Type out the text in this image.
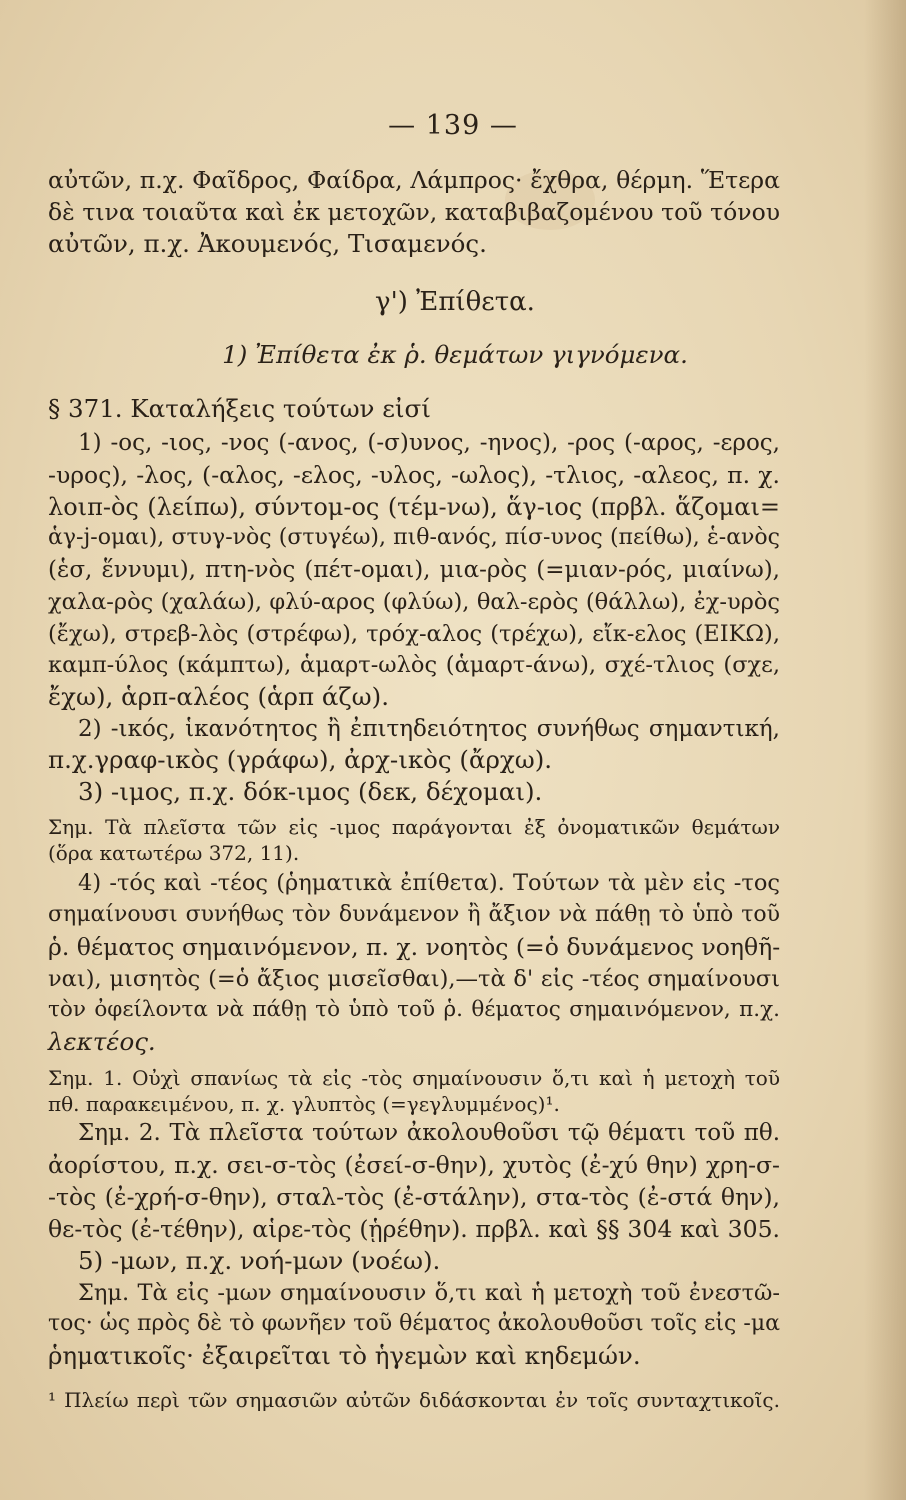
— 139 —
αὐτῶν, π.χ. Φαῖδρος, Φαίδρα, Λάμπρος· ἔχθρα, θέρμη. Ἕτερα
δὲ τινα τοιαῦτα καὶ ἐκ μετοχῶν, καταβιβαζομένου τοῦ τόνου
αὐτῶν, π.χ. Ἀκουμενός, Τισαμενός.
γ') Ἐπίθετα.
1) Ἐπίθετα ἐκ ῥ. θεμάτων γιγνόμενα.
§ 371. Καταλήξεις τούτων εἰσί
1) -ος, -ιος, -νος (-ανος, (-σ)υνος, -ηνος), -ρος (-αρος, -ερος,
-υρος), -λος, (-αλος, -ελος, -υλος, -ωλος), -τλιος, -αλεος, π. χ.
λοιπ-ὸς (λείπω), σύντομ-ος (τέμ-νω), ἅγ-ιος (πρβλ. ἅζομαι=
ἁγ-j-ομαι), στυγ-νὸς (στυγέω), πιθ-ανός, πίσ-υνος (πείθω), ἑ-ανὸς
(ἑσ, ἕννυμι), πτη-νὸς (πέτ-ομαι), μια-ρὸς (=μιαν-ρός, μιαίνω),
χαλα-ρὸς (χαλάω), φλύ-αρος (φλύω), θαλ-ερὸς (θάλλω), ἐχ-υρὸς
(ἔχω), στρεβ-λὸς (στρέφω), τρόχ-αλος (τρέχω), εἴκ-ελος (ΕΙΚΩ),
καμπ-ύλος (κάμπτω), ἁμαρτ-ωλὸς (ἁμαρτ-άνω), σχέ-τλιος (σχε,
ἔχω), ἁρπ-αλέος (ἁρπ άζω).
2) -ικός, ἱκανότητος ἢ ἐπιτηδειότητος συνήθως σημαντική,
π.χ.γραφ-ικὸς (γράφω), ἀρχ-ικὸς (ἄρχω).
3) -ιμος, π.χ. δόκ-ιμος (δεκ, δέχομαι).
Σημ. Τὰ πλεῖστα τῶν εἰς -ιμος παράγονται ἐξ ὀνοματικῶν θεμάτων
(ὅρα κατωτέρω 372, 11).
4) -τός καὶ -τέος (ῥηματικὰ ἐπίθετα). Τούτων τὰ μὲν εἰς -τος
σημαίνουσι συνήθως τὸν δυνάμενον ἢ ἄξιον νὰ πάθῃ τὸ ὑπὸ τοῦ
ῥ. θέματος σημαινόμενον, π. χ. νοητὸς (=ὁ δυνάμενος νοηθῆ-
ναι), μισητὸς (=ὁ ἄξιος μισεῖσθαι),—τὰ δ' εἰς -τέος σημαίνουσι
τὸν ὀφείλοντα νὰ πάθῃ τὸ ὑπὸ τοῦ ῥ. θέματος σημαινόμενον, π.χ.
λεκτέος.
Σημ. 1. Οὐχὶ σπανίως τὰ εἰς -τὸς σημαίνουσιν ὅ,τι καὶ ἡ μετοχὴ τοῦ
πθ. παρακειμένου, π. χ. γλυπτὸς (=γεγλυμμένος)¹.
Σημ. 2. Τὰ πλεῖστα τούτων ἀκολουθοῦσι τῷ θέματι τοῦ πθ.
ἀορίστου, π.χ. σει-σ-τὸς (ἐσεί-σ-θην), χυτὸς (ἐ-χύ θην) χρη-σ-
-τὸς (ἐ-χρή-σ-θην), σταλ-τὸς (ἐ-στάλην), στα-τὸς (ἐ-στά θην),
θε-τὸς (ἐ-τέθην), αἱρε-τὸς (ᾑρέθην). πρβλ. καὶ §§ 304 καὶ 305.
5) -μων, π.χ. νοή-μων (νοέω).
Σημ. Τὰ εἰς -μων σημαίνουσιν ὅ,τι καὶ ἡ μετοχὴ τοῦ ἐνεστῶ-
τος· ὡς πρὸς δὲ τὸ φωνῆεν τοῦ θέματος ἀκολουθοῦσι τοῖς εἰς -μα
ῥηματικοῖς· ἐξαιρεῖται τὸ ἡγεμὼν καὶ κηδεμών.
¹ Πλείω περὶ τῶν σημασιῶν αὐτῶν διδάσκονται ἐν τοῖς συνταχτικοῖς.
